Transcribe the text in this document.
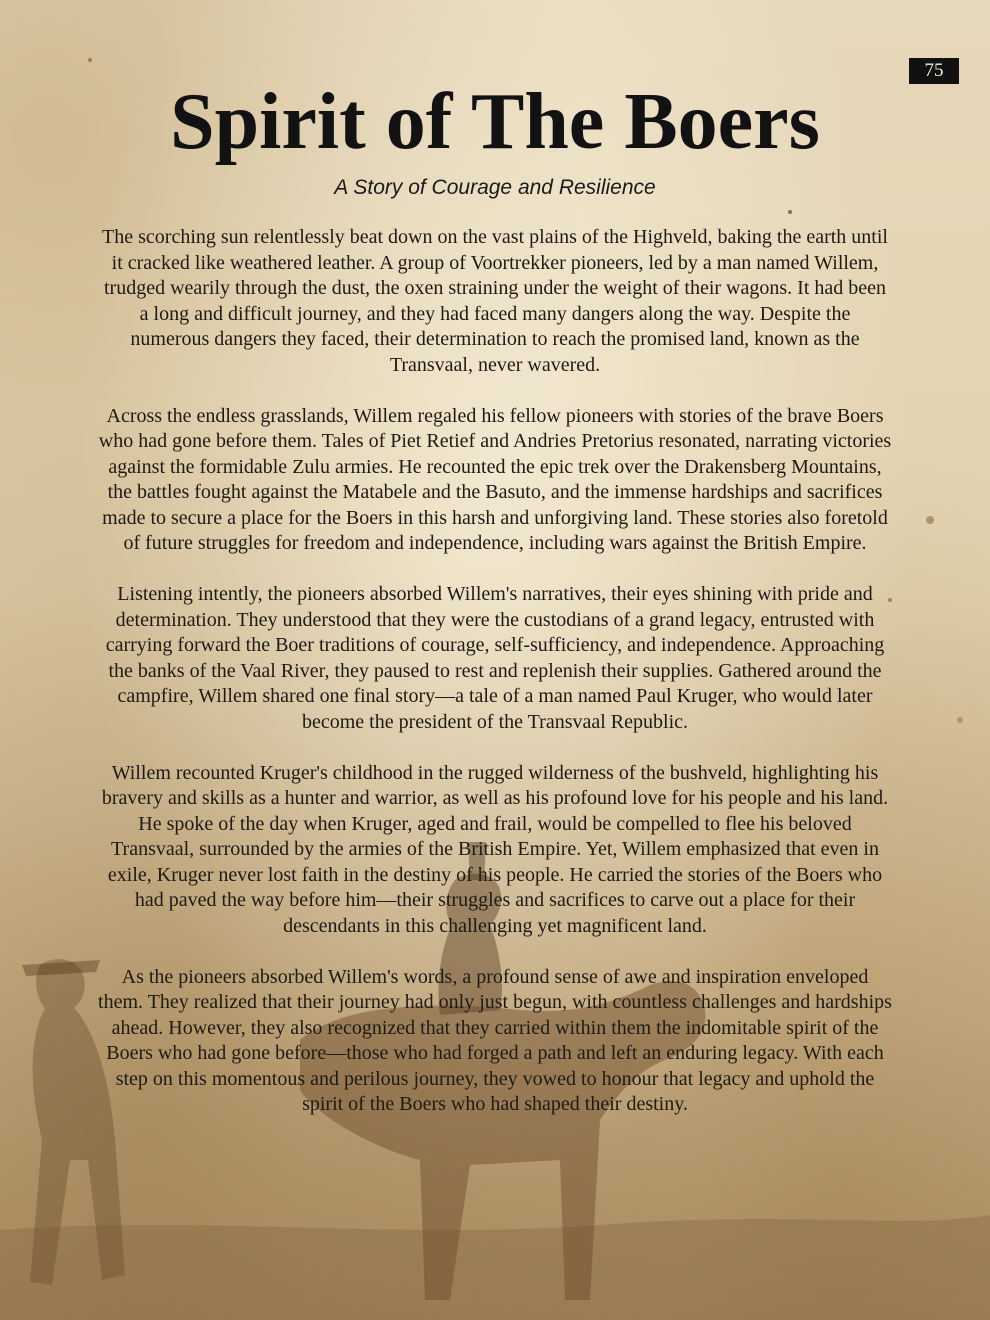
75
Spirit of The Boers
A Story of Courage and Resilience

The scorching sun relentlessly beat down on the vast plains of the Highveld, baking the earth until it cracked like weathered leather. A group of Voortrekker pioneers, led by a man named Willem, trudged wearily through the dust, the oxen straining under the weight of their wagons. It had been a long and difficult journey, and they had faced many dangers along the way. Despite the numerous dangers they faced, their determination to reach the promised land, known as the Transvaal, never wavered.

Across the endless grasslands, Willem regaled his fellow pioneers with stories of the brave Boers who had gone before them. Tales of Piet Retief and Andries Pretorius resonated, narrating victories against the formidable Zulu armies. He recounted the epic trek over the Drakensberg Mountains, the battles fought against the Matabele and the Basuto, and the immense hardships and sacrifices made to secure a place for the Boers in this harsh and unforgiving land. These stories also foretold of future struggles for freedom and independence, including wars against the British Empire.

Listening intently, the pioneers absorbed Willem's narratives, their eyes shining with pride and determination. They understood that they were the custodians of a grand legacy, entrusted with carrying forward the Boer traditions of courage, self-sufficiency, and independence. Approaching the banks of the Vaal River, they paused to rest and replenish their supplies. Gathered around the campfire, Willem shared one final story—a tale of a man named Paul Kruger, who would later become the president of the Transvaal Republic.

Willem recounted Kruger's childhood in the rugged wilderness of the bushveld, highlighting his bravery and skills as a hunter and warrior, as well as his profound love for his people and his land. He spoke of the day when Kruger, aged and frail, would be compelled to flee his beloved Transvaal, surrounded by the armies of the British Empire. Yet, Willem emphasized that even in exile, Kruger never lost faith in the destiny of his people. He carried the stories of the Boers who had paved the way before him—their struggles and sacrifices to carve out a place for their descendants in this challenging yet magnificent land.

As the pioneers absorbed Willem's words, a profound sense of awe and inspiration enveloped them. They realized that their journey had only just begun, with countless challenges and hardships ahead. However, they also recognized that they carried within them the indomitable spirit of the Boers who had gone before—those who had forged a path and left an enduring legacy. With each step on this momentous and perilous journey, they vowed to honour that legacy and uphold the spirit of the Boers who had shaped their destiny.
